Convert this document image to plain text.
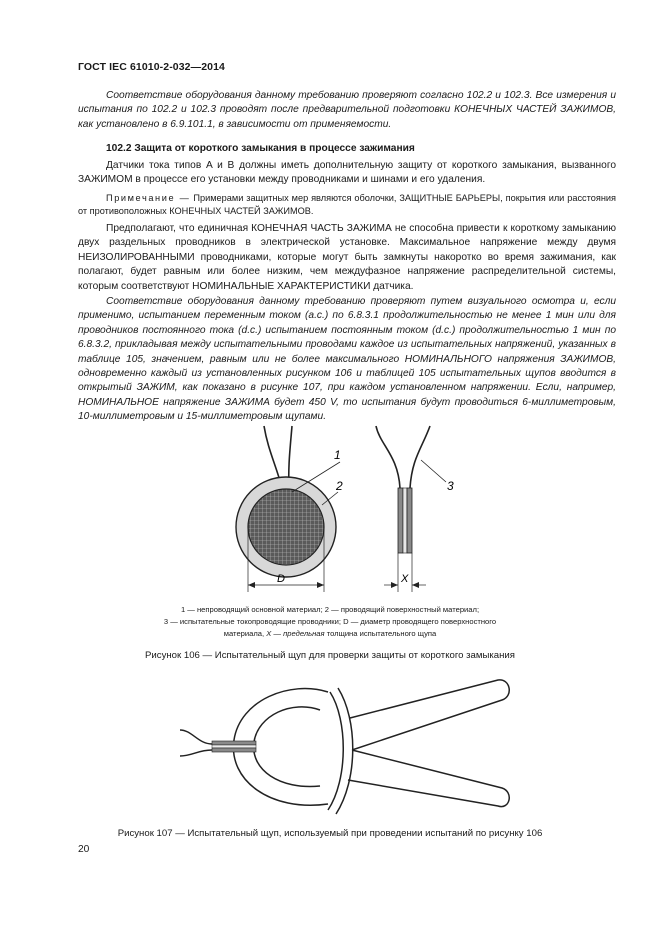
ГОСТ IEC 61010-2-032—2014

Соответствие оборудования данному требованию проверяют согласно 102.2 и 102.3. Все измерения и испытания по 102.2 и 102.3 проводят после предварительной подготовки КОНЕЧНЫХ ЧАСТЕЙ ЗАЖИМОВ, как установлено в 6.9.101.1, в зависимости от применяемости.

102.2 Защита от короткого замыкания в процессе зажимания

Датчики тока типов A и B должны иметь дополнительную защиту от короткого замыкания, вызванного ЗАЖИМОМ в процессе его установки между проводниками и шинами и его удаления.

Примечание — Примерами защитных мер являются оболочки, ЗАЩИТНЫЕ БАРЬЕРЫ, покрытия или расстояния от противоположных КОНЕЧНЫХ ЧАСТЕЙ ЗАЖИМОВ.

Предполагают, что единичная КОНЕЧНАЯ ЧАСТЬ ЗАЖИМА не способна привести к короткому замыканию двух раздельных проводников в электрической установке. Максимальное напряжение между двумя НЕИЗОЛИРОВАННЫМИ проводниками, которые могут быть замкнуты накоротко во время зажимания, как полагают, будет равным или более низким, чем междуфазное напряжение распределительной системы, которым соответствуют НОМИНАЛЬНЫЕ ХАРАКТЕРИСТИКИ датчика.

Соответствие оборудования данному требованию проверяют путем визуального осмотра и, если применимо, испытанием переменным током (а.с.) по 6.8.3.1 продолжительностью не менее 1 мин или для проводников постоянного тока (d.c.) испытанием постоянным током (d.c.) продолжительностью 1 мин по 6.8.3.2, прикладывая между испытательными проводами каждое из испытательных напряжений, указанных в таблице 105, значением, равным или не более максимального НОМИНАЛЬНОГО напряжения ЗАЖИМОВ, одновременно каждый из установленных рисунком 106 и таблицей 105 испытательных щупов вводится в открытый ЗАЖИМ, как показано в рисунке 107, при каждом установленном напряжении. Если, например, НОМИНАЛЬНОЕ напряжение ЗАЖИМА будет 450 V, то испытания будут проводиться 6-миллиметровым, 10-миллиметровым и 15-миллиметровым щупами.

1
2
D
3
X
1 — непроводящий основной материал; 2 — проводящий поверхностный материал;
3 — испытательные токопроводящие проводники; D — диаметр проводящего поверхностного
материала, X — предельная толщина испытательного щупа
Рисунок 106 — Испытательный щуп для проверки защиты от короткого замыкания
Рисунок 107 — Испытательный щуп, используемый при проведении испытаний по рисунку 106
20
